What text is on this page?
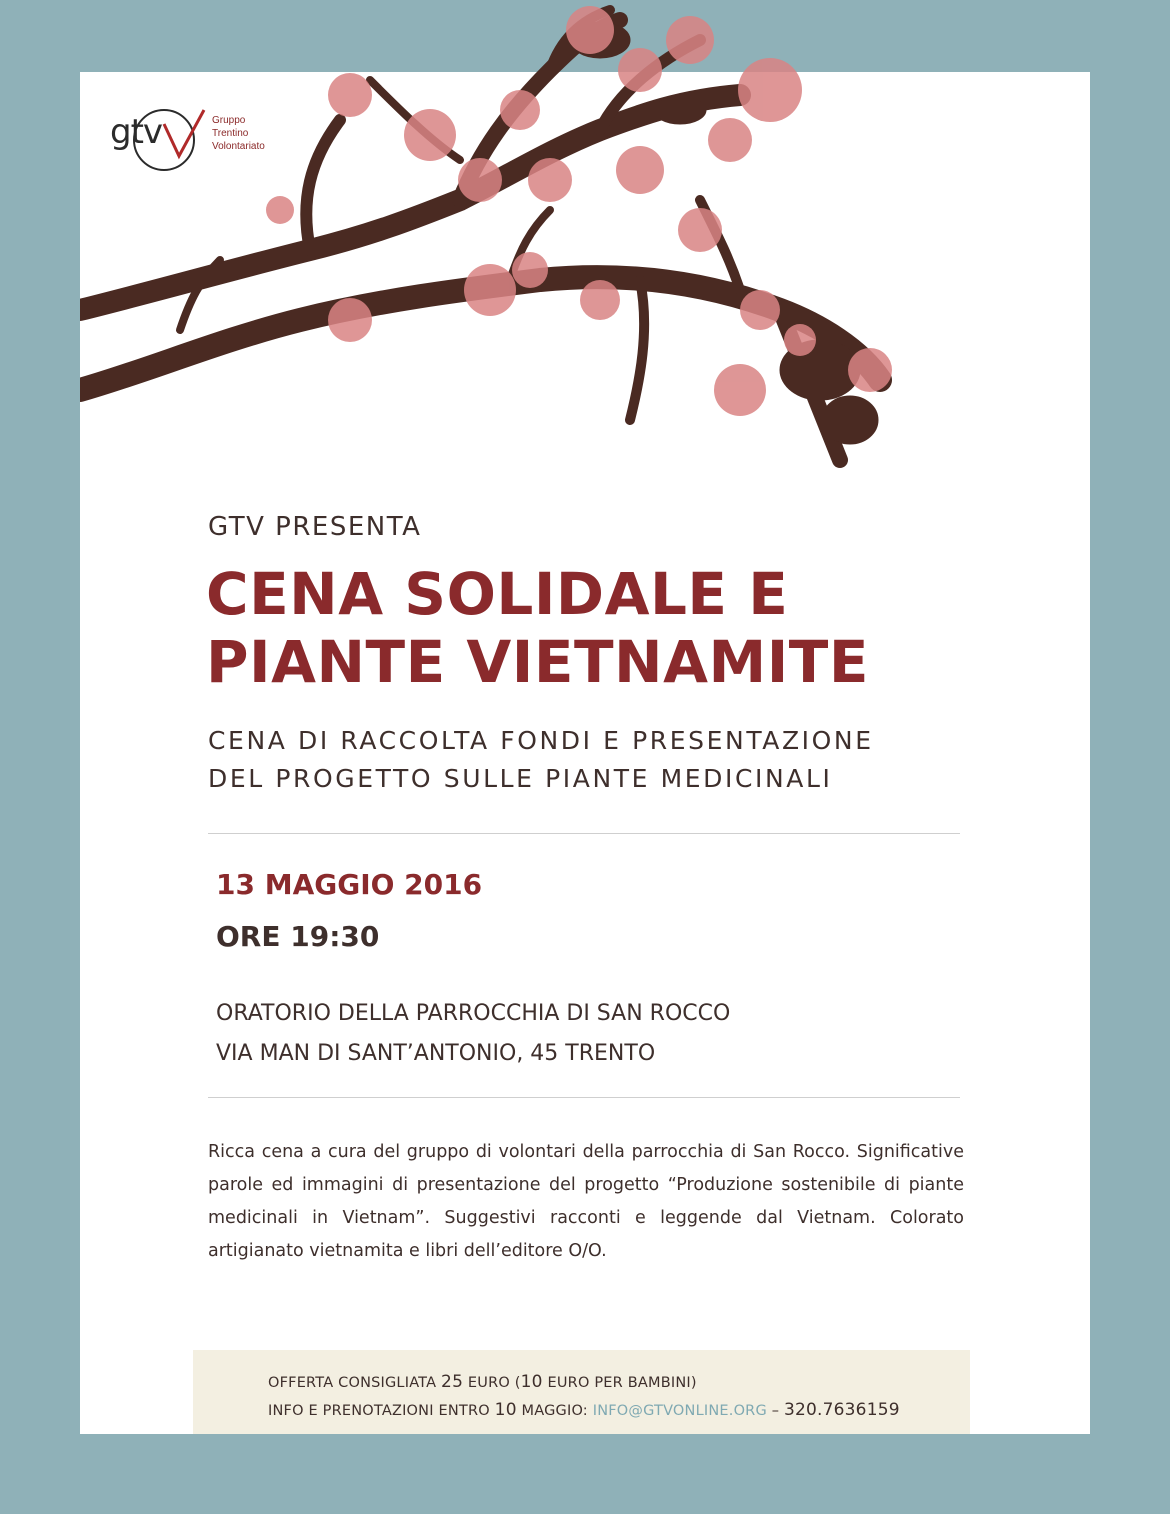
gtv	Gruppo
Trentino
Volontariato
GTV PRESENTA
CENA SOLIDALE E
PIANTE VIETNAMITE
CENA DI RACCOLTA FONDI E PRESENTAZIONE
DEL PROGETTO SULLE PIANTE MEDICINALI
13 MAGGIO 2016
ORE 19:30
ORATORIO DELLA PARROCCHIA DI SAN ROCCO
VIA MAN DI SANT’ANTONIO, 45 TRENTO
Ricca cena a cura del gruppo di volontari della parrocchia di San Rocco. Significative parole ed immagini di presentazione del progetto “Produzione sostenibile di piante medicinali in Vietnam”. Suggestivi racconti e leggende dal Vietnam. Colorato artigianato vietnamita e libri dell’editore O/O.
OFFERTA CONSIGLIATA 25 EURO (10 EURO PER BAMBINI)
INFO E PRENOTAZIONI ENTRO 10 MAGGIO: INFO@GTVONLINE.ORG – 320.7636159
